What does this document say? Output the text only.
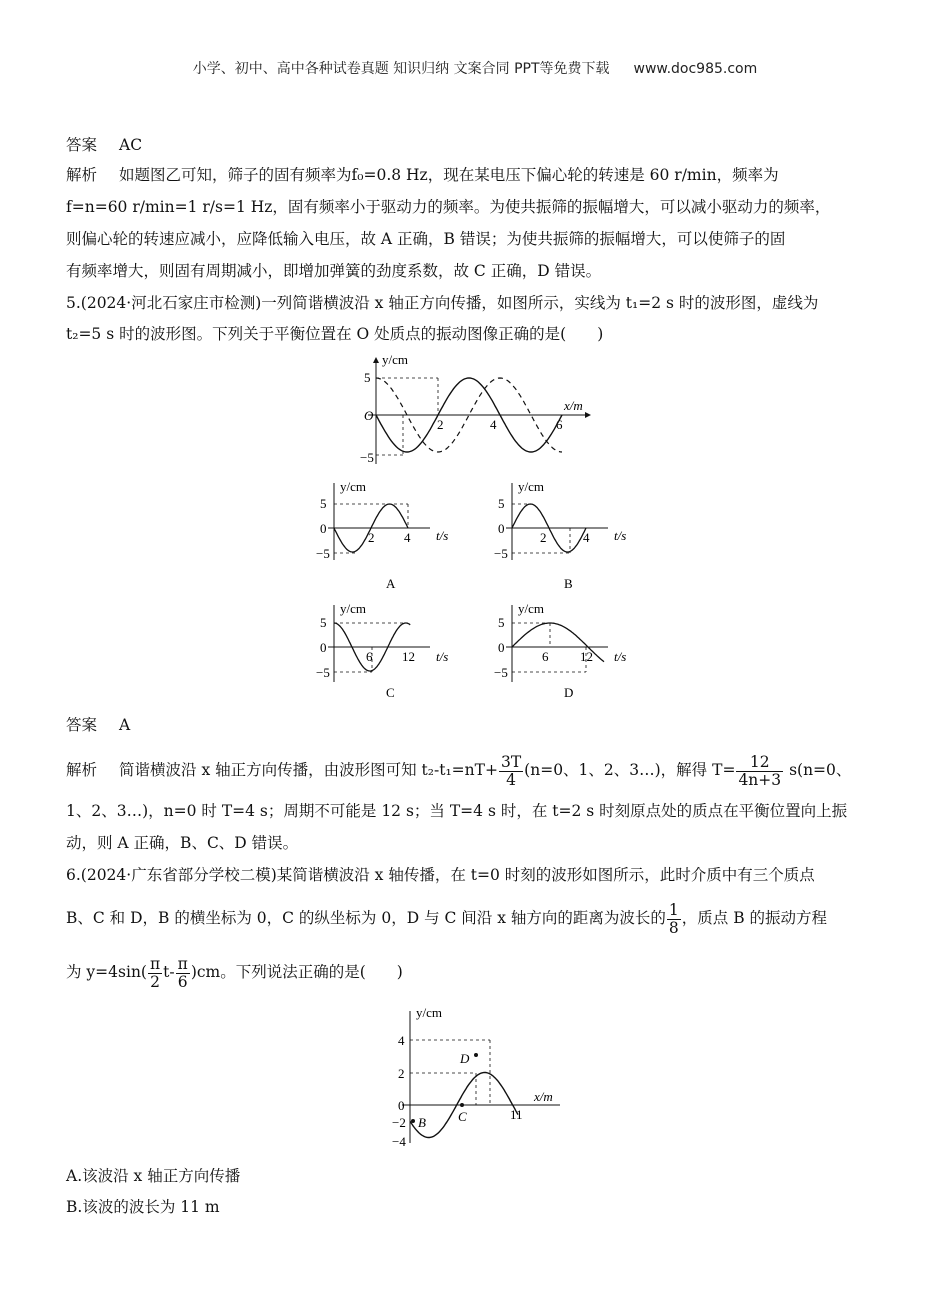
小学、初中、高中各种试卷真题 知识归纳 文案合同 PPT等免费下载 www.doc985.com
答案 AC
解析 如题图乙可知，筛子的固有频率为f₀=0.8 Hz，现在某电压下偏心轮的转速是 60 r/min，频率为
f=n=60 r/min=1 r/s=1 Hz，固有频率小于驱动力的频率。为使共振筛的振幅增大，可以减小驱动力的频率，
则偏心轮的转速应减小，应降低输入电压，故 A 正确，B 错误；为使共振筛的振幅增大，可以使筛子的固
有频率增大，则固有周期减小，即增加弹簧的劲度系数，故 C 正确，D 错误。
5.(2024·河北石家庄市检测)一列简谐横波沿 x 轴正方向传播，如图所示，实线为 t₁=2 s 时的波形图，虚线为
t₂=5 s 时的波形图。下列关于平衡位置在 O 处质点的振动图像正确的是(　　)
y/cm
x/m
O
5
−5
2	4	6
y/cm
t/s
5
0
−5
2 4
A
y/cm
t/s
5
0
−5
2	4
B
y/cm
t/s
5
0
−5
6 12
C
y/cm
t/s
5
0
−5
6 12
D
答案 A
解析 简谐横波沿 x 轴正方向传播，由波形图可知 $t_2-t_1=nT+ \frac{3T}{4} (n=0$、1、2、3…)，解得 $T= \frac{12}{4n+3} s(n=0$、
1、2、3…)，n=0 时 T=4 s；周期不可能是 12 s；当 T=4 s 时，在 t=2 s 时刻原点处的质点在平衡位置向上振
动，则 A 正确，B、C、D 错误。
6.(2024·广东省部分学校二模)某简谐横波沿 x 轴传播，在 t=0 时刻的波形如图所示，此时介质中有三个质点
B、C 和 D，B 的横坐标为 0，C 的纵坐标为 0，D 与 C 间沿 x 轴方向的距离为波长的 $\frac{1}{8}$ ，质点 B 的振动方程
为 $y=4\sin( \frac{\pi}{2} t- \frac{\pi}{6} )cm$。下列说法正确的是(　　)
y/cm
x/m
4
2
0
−2
−4
11
B C
D
A.该波沿 x 轴正方向传播
B.该波的波长为 11 m
